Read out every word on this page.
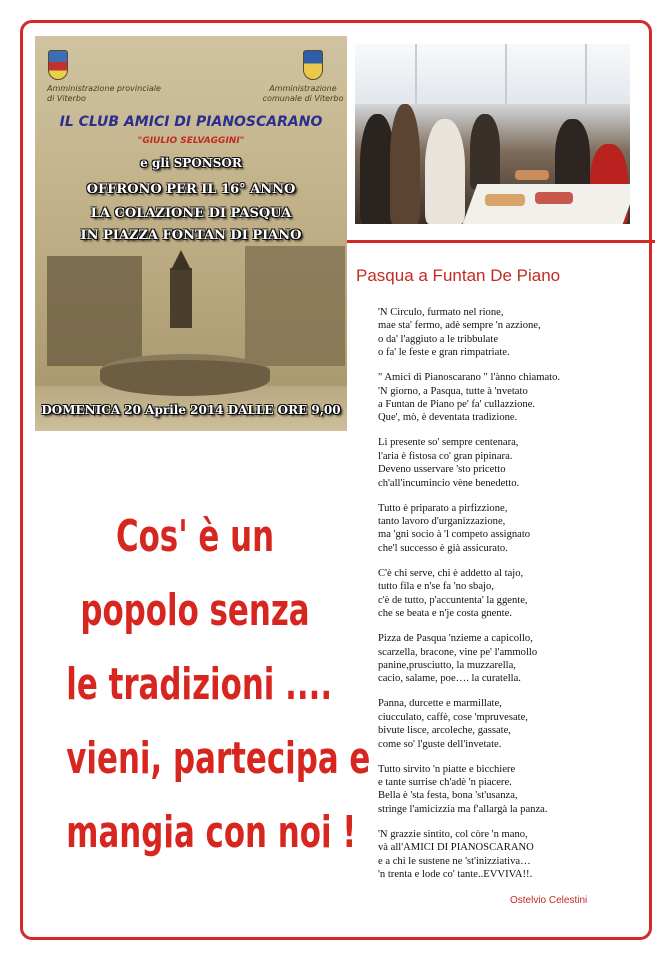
Amministrazione provinciale di Viterbo
Amministrazione comunale di Viterbo
IL CLUB AMICI DI PIANOSCARANO
"GIULIO SELVAGGINI"
e gli SPONSOR
OFFRONO PER IL 16° ANNO
LA COLAZIONE DI PASQUA
IN PIAZZA FONTAN DI PIANO
DOMENICA 20 Aprile 2014 DALLE ORE 9,00
Pasqua a Funtan De Piano
'N Circulo, furmato nel rione,
mae sta' fermo, adè sempre 'n azzione,
o da' l'aggiuto a le tribbulate
o fa' le feste e gran rimpatriate.
" Amici di Pianoscarano " l'ànno chiamato.
'N giorno, a Pasqua, tutte à 'nvetato
a Funtan de Piano pe' fa' cullazzione.
Que', mò, è deventata tradizione.
Li presente so' sempre centenara,
l'aria è fistosa co' gran pipinara.
Deveno usservare 'sto pricetto
ch'all'incumincio vène benedetto.
Tutto è priparato a pirfizzione,
tanto lavoro d'urganizzazione,
ma 'gni socio à 'l competo assignato
che'l successo è già assicurato.
C'è chi serve, chi è addetto al tajo,
tutto fila e n'se fa 'no sbajo,
c'è de tutto, p'accuntenta' la ggente,
che se beata e n'je costa gnente.
Pizza de Pasqua 'nzieme a capicollo,
scarzella, bracone, vine pe' l'ammollo
panine,prusciutto, la muzzarella,
cacio, salame, poe…. la curatella.
Panna, durcette e marmillate,
ciucculato, caffè, cose 'mpruvesate,
bivute lisce, arcoleche, gassate,
come so' l'guste dell'invetate.
Tutto sirvito 'n piatte e bicchiere
e tante surrise ch'adè 'n piacere.
Bella è 'sta festa, bona 'st'usanza,
stringe l'amicizzia ma f'allargà la panza.
'N grazzie sintito, col còre 'n mano,
và all'AMICI DI PIANOSCARANO
e a chi le sustene ne 'st'inizziativa…
'n trenta e lode co' tante..EVVIVA!!.
Ostelvio Celestini
Cos' è un
popolo senza
le tradizioni ....
vieni, partecipa e
mangia con noi !
